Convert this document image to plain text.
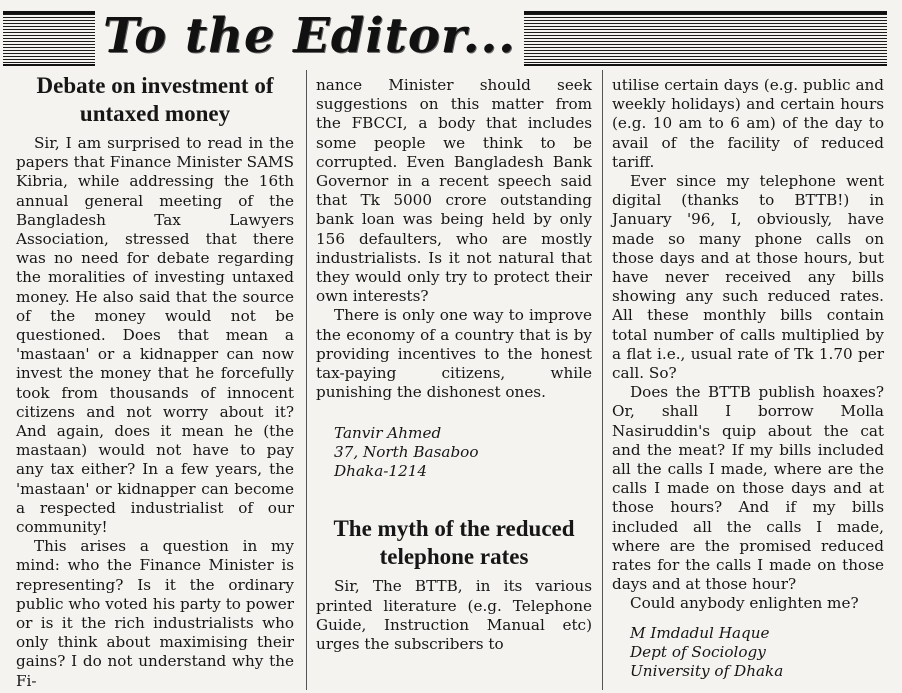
To the Editor...
Debate on investment of untaxed money

Sir, I am surprised to read in the papers that Finance Minister SAMS Kibria, while addressing the 16th annual general meeting of the Bangladesh Tax Lawyers Association, stressed that there was no need for debate regarding the moralities of investing untaxed money. He also said that the source of the money would not be questioned. Does that mean a 'mastaan' or a kidnapper can now invest the money that he forcefully took from thousands of innocent citizens and not worry about it? And again, does it mean he (the mastaan) would not have to pay any tax either? In a few years, the 'mastaan' or kidnapper can become a respected industrialist of our community!

This arises a question in my mind: who the Finance Minister is representing? Is it the ordinary public who voted his party to power or is it the rich industrialists who only think about maximising their gains? I do not understand why the Fi-

nance Minister should seek suggestions on this matter from the FBCCI, a body that includes some people we think to be corrupted. Even Bangladesh Bank Governor in a recent speech said that Tk 5000 crore outstanding bank loan was being held by only 156 defaulters, who are mostly industrialists. Is it not natural that they would only try to protect their own interests?

There is only one way to improve the economy of a country that is by providing incentives to the honest tax-paying citizens, while punishing the dishonest ones.

Tanvir Ahmed

37, North Basaboo

Dhaka-1214

The myth of the reduced telephone rates

Sir, The BTTB, in its various printed literature (e.g. Telephone Guide, Instruction Manual etc) urges the subscribers to

utilise certain days (e.g. public and weekly holidays) and certain hours (e.g. 10 am to 6 am) of the day to avail of the facility of reduced tariff.

Ever since my telephone went digital (thanks to BTTB!) in January '96, I, obviously, have made so many phone calls on those days and at those hours, but have never received any bills showing any such reduced rates. All these monthly bills contain total number of calls multiplied by a flat i.e., usual rate of Tk 1.70 per call. So?

Does the BTTB publish hoaxes? Or, shall I borrow Molla Nasiruddin's quip about the cat and the meat? If my bills included all the calls I made, where are the calls I made on those days and at those hours? And if my bills included all the calls I made, where are the promised reduced rates for the calls I made on those days and at those hour?

Could anybody enlighten me?

M Imdadul Haque

Dept of Sociology

University of Dhaka
